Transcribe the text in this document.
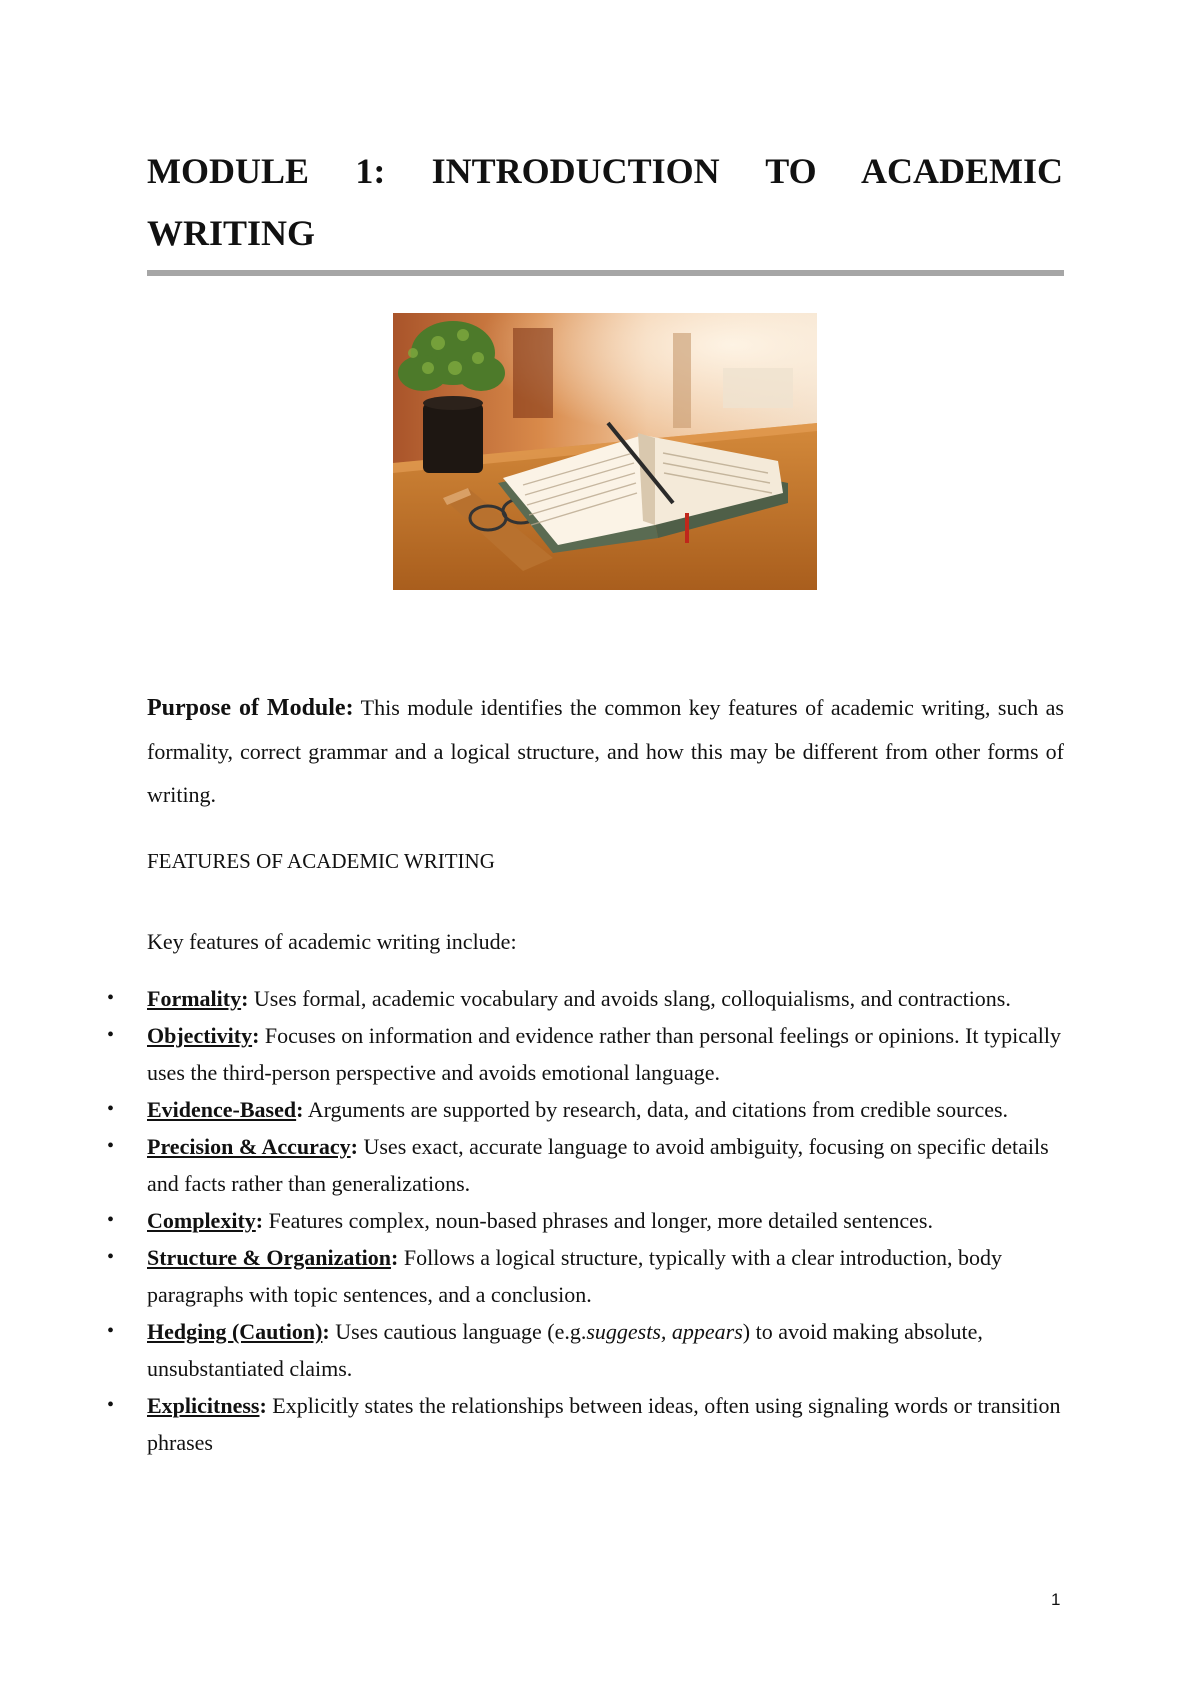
MODULE 1: INTRODUCTION TO ACADEMIC
WRITING

Purpose of Module: This module identifies the common key features of academic writing, such as formality, correct grammar and a logical structure, and how this may be different from other forms of writing.

FEATURES OF ACADEMIC WRITING

Key features of academic writing include:

• Formality: Uses formal, academic vocabulary and avoids slang, colloquialisms, and contractions.
• Objectivity: Focuses on information and evidence rather than personal feelings or opinions. It typically uses the third-person perspective and avoids emotional language.
• Evidence-Based: Arguments are supported by research, data, and citations from credible sources.
• Precision & Accuracy: Uses exact, accurate language to avoid ambiguity, focusing on specific details and facts rather than generalizations.
• Complexity: Features complex, noun-based phrases and longer, more detailed sentences.
• Structure & Organization: Follows a logical structure, typically with a clear introduction, body paragraphs with topic sentences, and a conclusion.
• Hedging (Caution): Uses cautious language (e.g.suggests, appears) to avoid making absolute, unsubstantiated claims.
• Explicitness: Explicitly states the relationships between ideas, often using signaling words or transition phrases
1
